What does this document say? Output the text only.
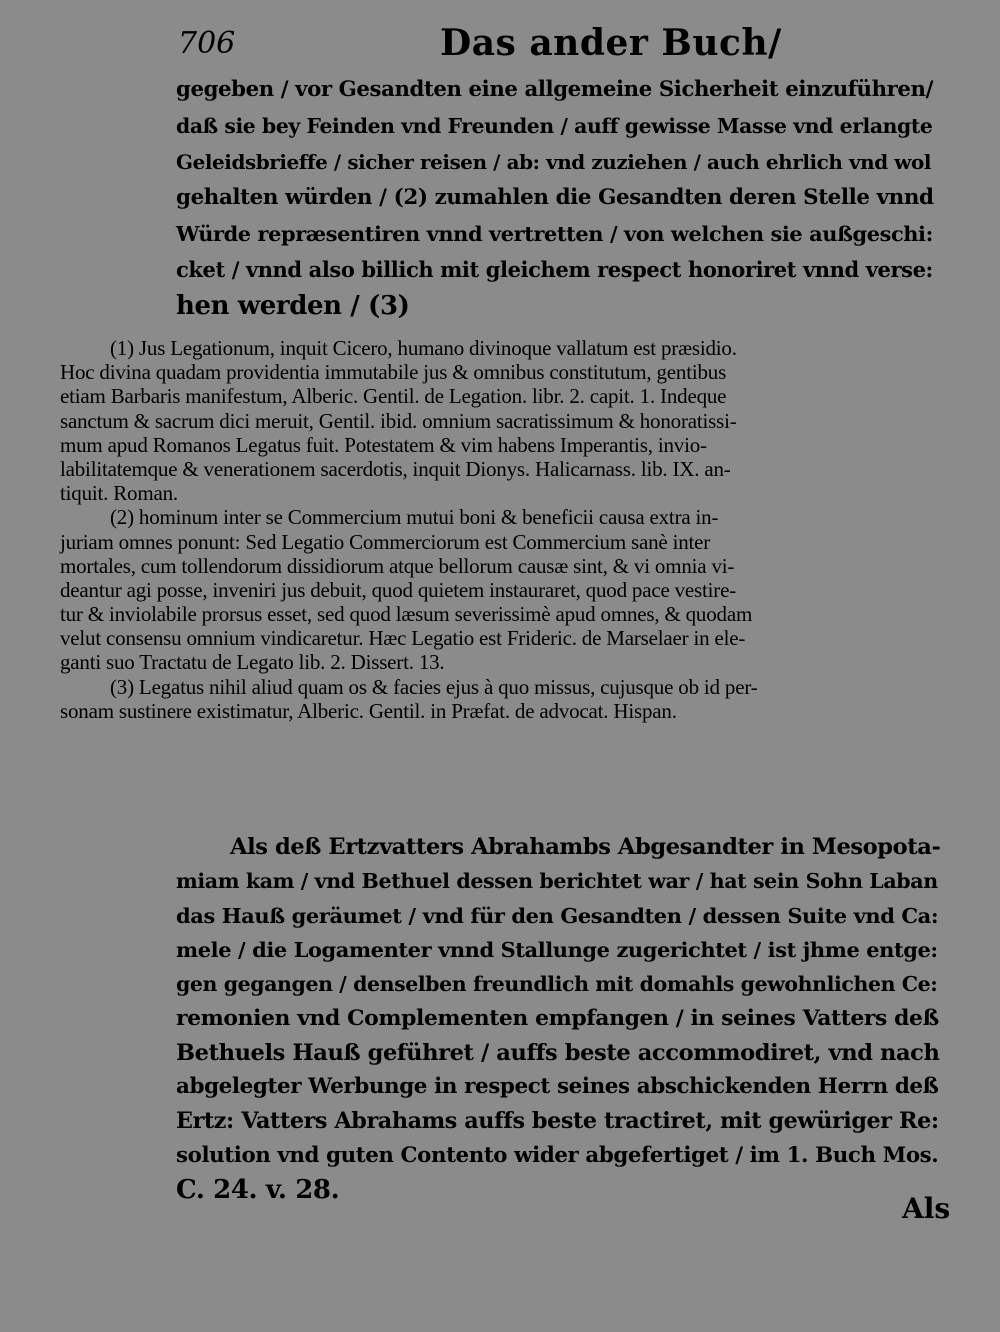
706	Das ander Buch/
gegeben / vor Gesandten eine allgemeine Sicherheit einzuführen/
daß sie bey Feinden vnd Freunden / auff gewisse Masse vnd erlangte
Geleidsbrieffe / sicher reisen / ab: vnd zuziehen / auch ehrlich vnd wol
gehalten würden / (2) zumahlen die Gesandten deren Stelle vnnd
Würde repræsentiren vnnd vertretten / von welchen sie außgeschi:
cket / vnnd also billich mit gleichem respect honoriret vnnd verse:
hen werden / (3)
(1) Jus Legationum, inquit Cicero, humano divinoque vallatum est præsidio.
Hoc divina quadam providentia immutabile jus & omnibus constitutum, gentibus
etiam Barbaris manifestum, Alberic. Gentil. de Legation. libr. 2. capit. 1. Indeque
sanctum & sacrum dici meruit, Gentil. ibid. omnium sacratissimum & honoratissi-
mum apud Romanos Legatus fuit. Potestatem & vim habens Imperantis, invio-
labilitatemque & venerationem sacerdotis, inquit Dionys. Halicarnass. lib. IX. an-
tiquit. Roman.
(2) hominum inter se Commercium mutui boni & beneficii causa extra in-
juriam omnes ponunt: Sed Legatio Commerciorum est Commercium sanè inter
mortales, cum tollendorum dissidiorum atque bellorum causæ sint, & vi omnia vi-
deantur agi posse, inveniri jus debuit, quod quietem instauraret, quod pace vestire-
tur & inviolabile prorsus esset, sed quod læsum severissimè apud omnes, & quodam
velut consensu omnium vindicaretur. Hæc Legatio est Frideric. de Marselaer in ele-
ganti suo Tractatu de Legato lib. 2. Dissert. 13.
(3) Legatus nihil aliud quam os & facies ejus à quo missus, cujusque ob id per-
sonam sustinere existimatur, Alberic. Gentil. in Præfat. de advocat. Hispan.
Als deß Ertzvatters Abrahambs Abgesandter in Mesopota-
miam kam / vnd Bethuel dessen berichtet war / hat sein Sohn Laban
das Hauß geräumet / vnd für den Gesandten / dessen Suite vnd Ca:
mele / die Logamenter vnnd Stallunge zugerichtet / ist jhme entge:
gen gegangen / denselben freundlich mit domahls gewohnlichen Ce:
remonien vnd Complementen empfangen / in seines Vatters deß
Bethuels Hauß geführet / auffs beste accommodiret, vnd nach
abgelegter Werbunge in respect seines abschickenden Herrn deß
Ertz: Vatters Abrahams auffs beste tractiret, mit gewüriger Re:
solution vnd guten Contento wider abgefertiget / im 1. Buch Mos.
C. 24. v. 28.
Als
